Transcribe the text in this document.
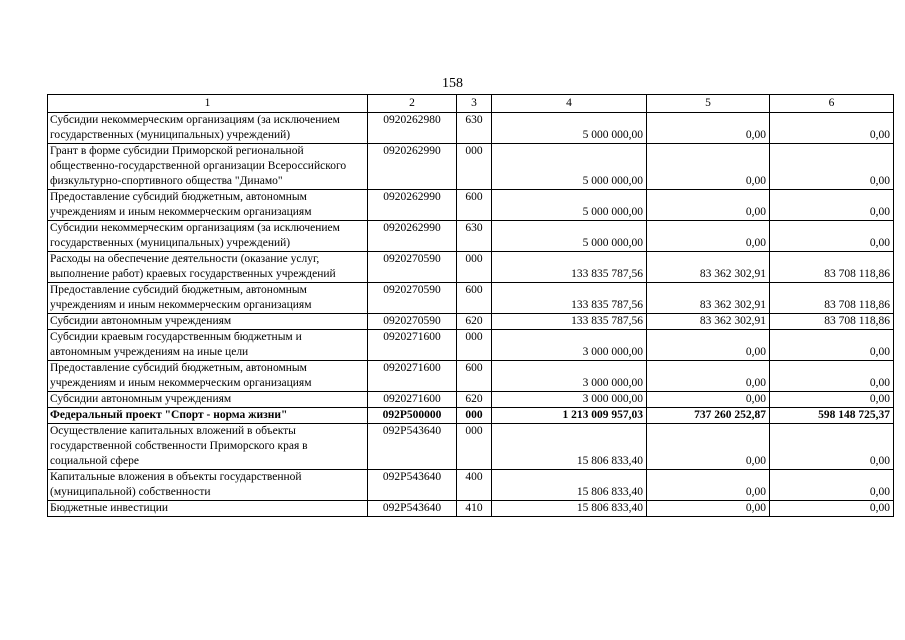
158
1	2	3	4	5	6
Субсидии некоммерческим организациям (за исключением государственных (муниципальных) учреждений)	0920262980	630	5 000 000,00	0,00	0,00
Грант в форме субсидии Приморской региональной общественно-государственной организации Всероссийского физкультурно-спортивного общества "Динамо"	0920262990	000	5 000 000,00	0,00	0,00
Предоставление субсидий бюджетным, автономным учреждениям и иным некоммерческим организациям	0920262990	600	5 000 000,00	0,00	0,00
Субсидии некоммерческим организациям (за исключением государственных (муниципальных) учреждений)	0920262990	630	5 000 000,00	0,00	0,00
Расходы на обеспечение деятельности (оказание услуг, выполнение работ) краевых государственных учреждений	0920270590	000	133 835 787,56	83 362 302,91	83 708 118,86
Предоставление субсидий бюджетным, автономным учреждениям и иным некоммерческим организациям	0920270590	600	133 835 787,56	83 362 302,91	83 708 118,86
Субсидии автономным учреждениям	0920270590	620	133 835 787,56	83 362 302,91	83 708 118,86
Субсидии краевым государственным бюджетным и автономным учреждениям на иные цели	0920271600	000	3 000 000,00	0,00	0,00
Предоставление субсидий бюджетным, автономным учреждениям и иным некоммерческим организациям	0920271600	600	3 000 000,00	0,00	0,00
Субсидии автономным учреждениям	0920271600	620	3 000 000,00	0,00	0,00
Федеральный проект "Спорт - норма жизни"	092P500000	000	1 213 009 957,03	737 260 252,87	598 148 725,37
Осуществление капитальных вложений в объекты государственной собственности Приморского края в социальной сфере	092P543640	000	15 806 833,40	0,00	0,00
Капитальные вложения в объекты государственной (муниципальной) собственности	092P543640	400	15 806 833,40	0,00	0,00
Бюджетные инвестиции	092P543640	410	15 806 833,40	0,00	0,00
